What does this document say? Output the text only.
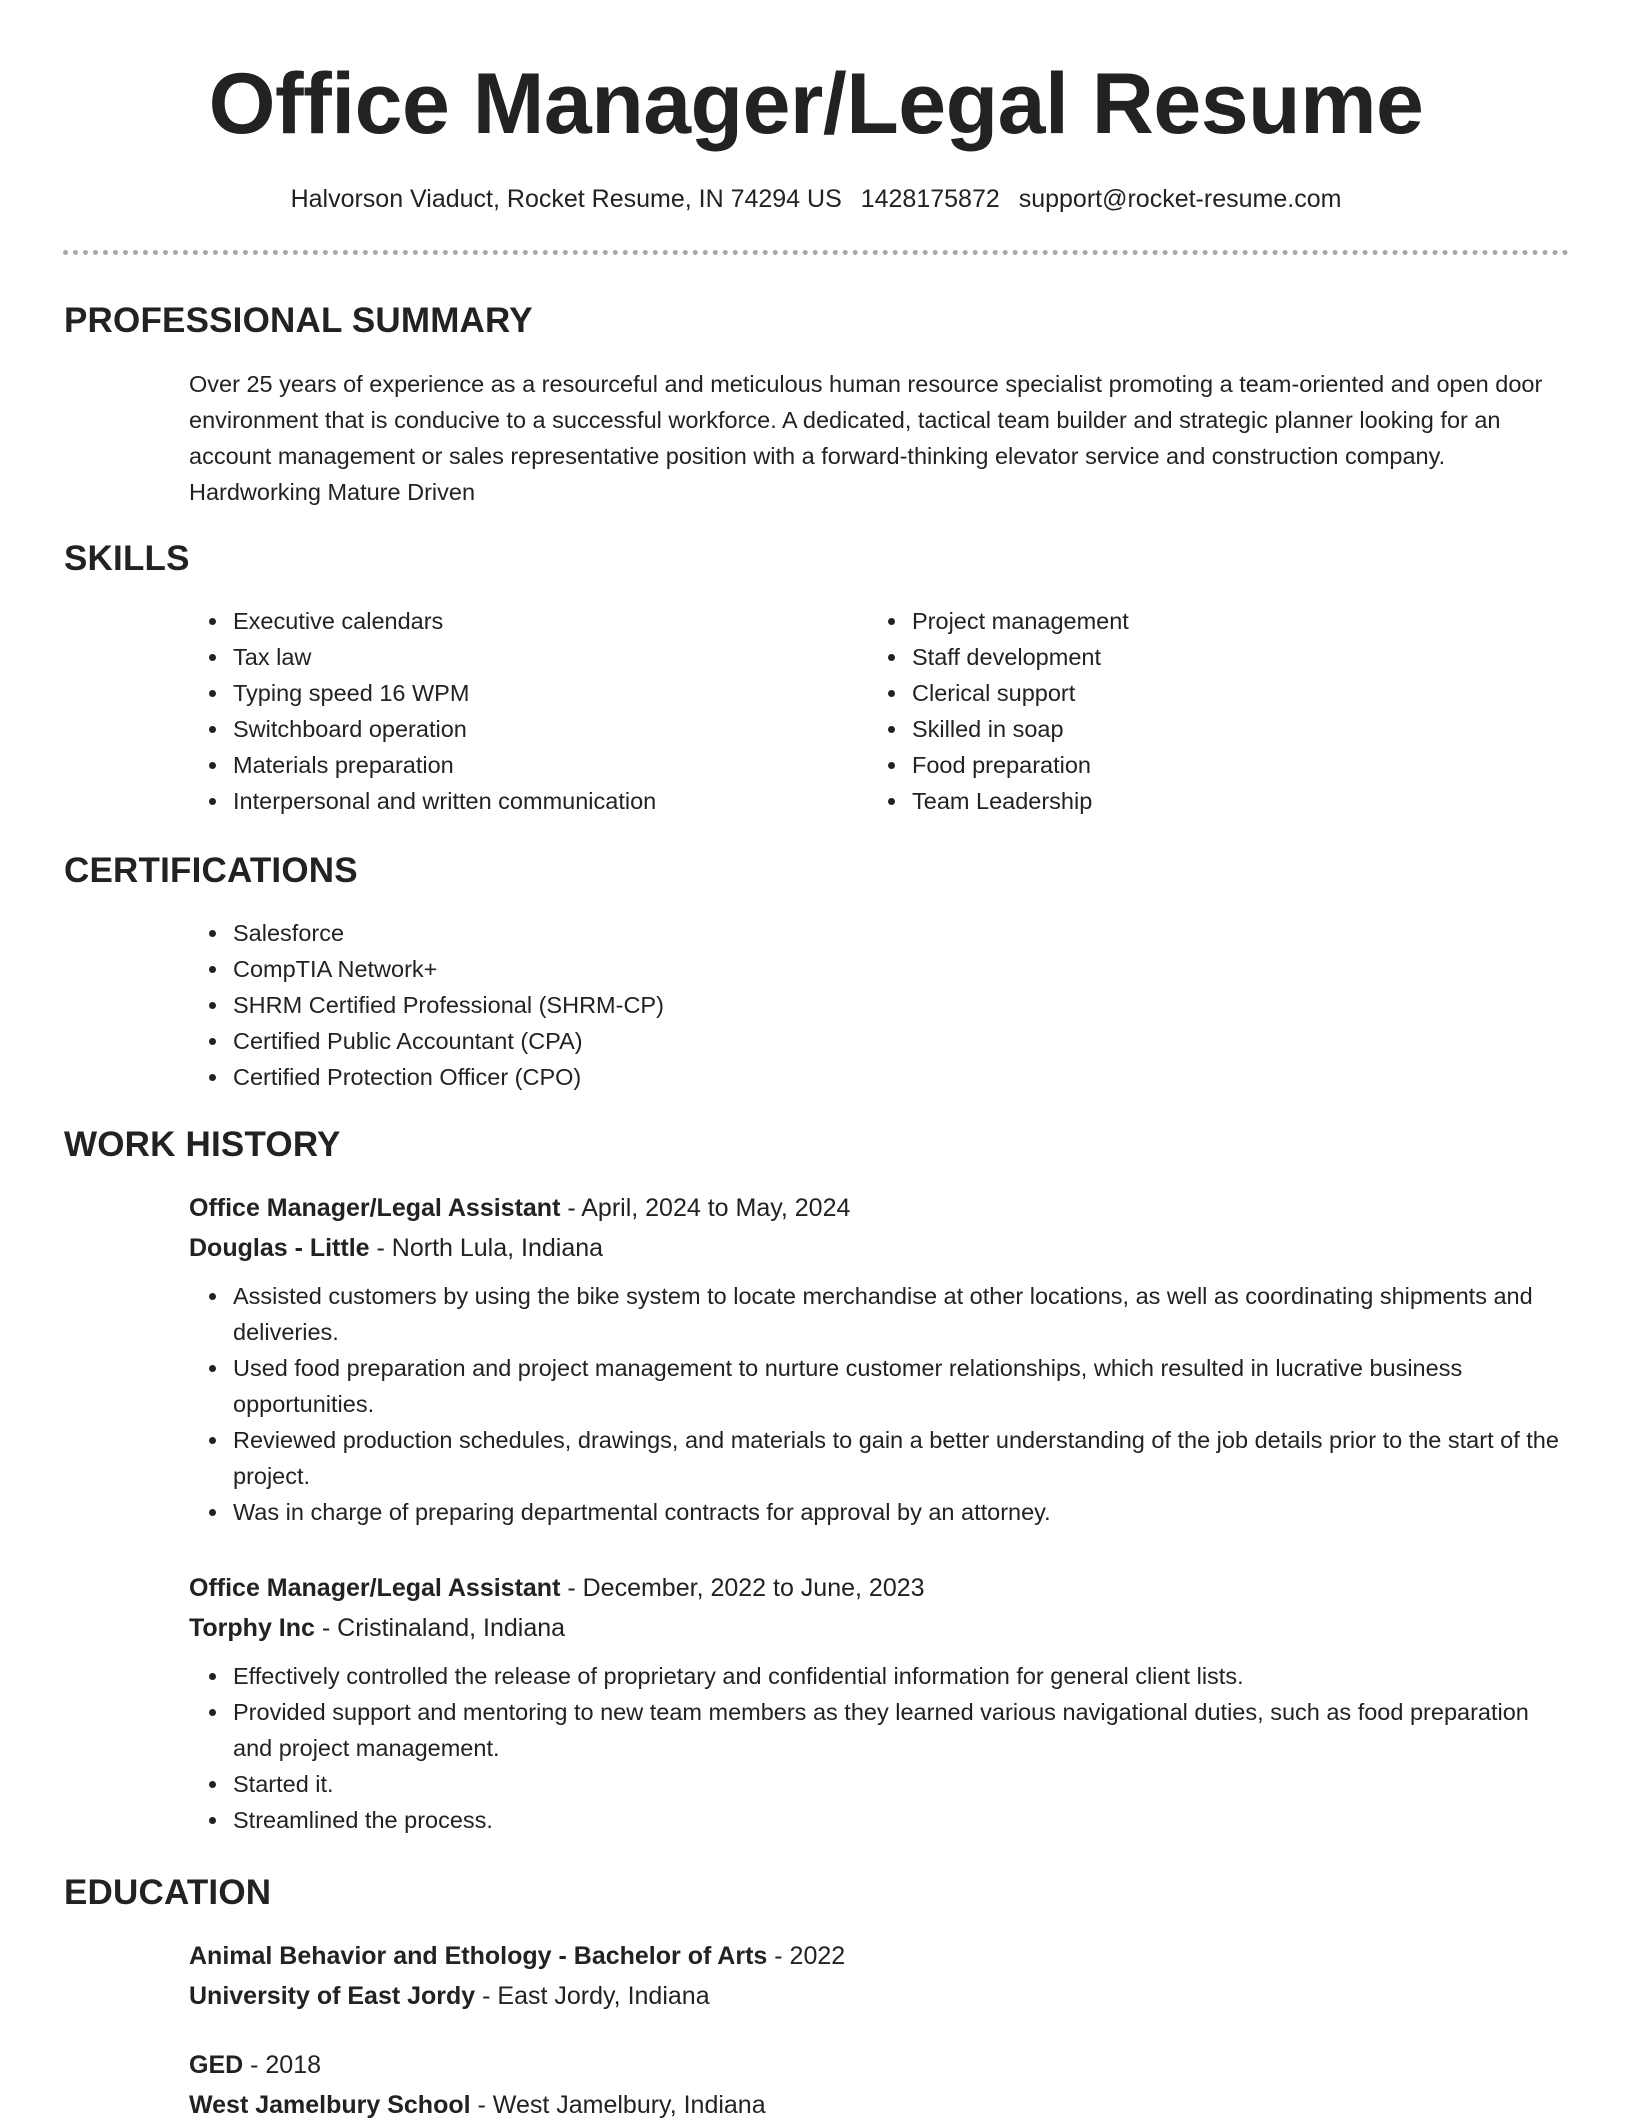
Office Manager/Legal Resume
Halvorson Viaduct, Rocket Resume, IN 74294 US 1428175872 support@rocket-resume.com
PROFESSIONAL SUMMARY
Over 25 years of experience as a resourceful and meticulous human resource specialist promoting a team-oriented and open door environment that is conducive to a successful workforce. A dedicated, tactical team builder and strategic planner looking for an account management or sales representative position with a forward-thinking elevator service and construction company. Hardworking Mature Driven
SKILLS
Executive calendars
Tax law
Typing speed 16 WPM
Switchboard operation
Materials preparation
Interpersonal and written communication
Project management
Staff development
Clerical support
Skilled in soap
Food preparation
Team Leadership
CERTIFICATIONS
Salesforce
CompTIA Network+
SHRM Certified Professional (SHRM-CP)
Certified Public Accountant (CPA)
Certified Protection Officer (CPO)
WORK HISTORY
Office Manager/Legal Assistant - April, 2024 to May, 2024
Douglas - Little - North Lula, Indiana
Assisted customers by using the bike system to locate merchandise at other locations, as well as coordinating shipments and deliveries.
Used food preparation and project management to nurture customer relationships, which resulted in lucrative business opportunities.
Reviewed production schedules, drawings, and materials to gain a better understanding of the job details prior to the start of the project.
Was in charge of preparing departmental contracts for approval by an attorney.
Office Manager/Legal Assistant - December, 2022 to June, 2023
Torphy Inc - Cristinaland, Indiana
Effectively controlled the release of proprietary and confidential information for general client lists.
Provided support and mentoring to new team members as they learned various navigational duties, such as food preparation and project management.
Started it.
Streamlined the process.
EDUCATION
Animal Behavior and Ethology - Bachelor of Arts - 2022
University of East Jordy - East Jordy, Indiana
GED - 2018
West Jamelbury School - West Jamelbury, Indiana
